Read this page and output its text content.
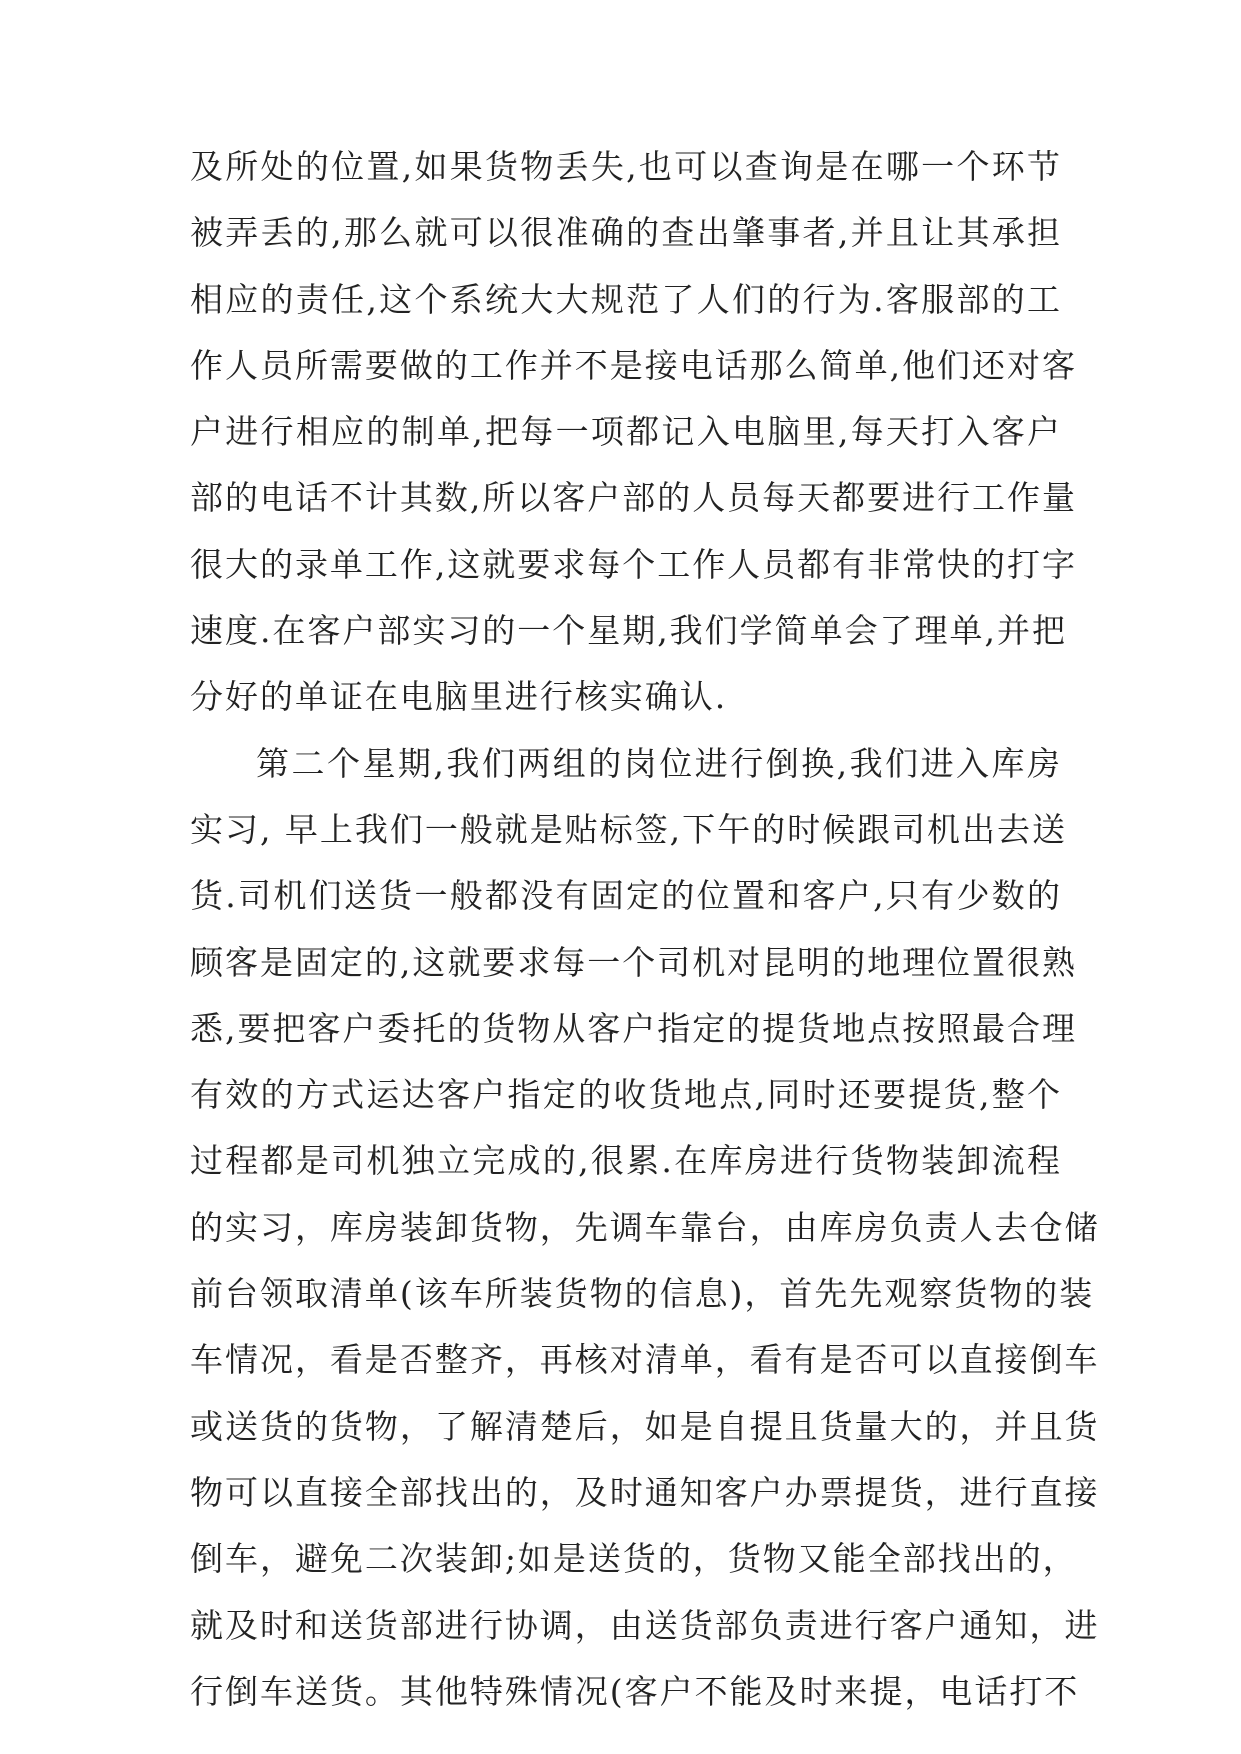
及所处的位置,如果货物丢失,也可以查询是在哪一个环节
被弄丢的,那么就可以很准确的查出肇事者,并且让其承担
相应的责任,这个系统大大规范了人们的行为.客服部的工
作人员所需要做的工作并不是接电话那么简单,他们还对客
户进行相应的制单,把每一项都记入电脑里,每天打入客户
部的电话不计其数,所以客户部的人员每天都要进行工作量
很大的录单工作,这就要求每个工作人员都有非常快的打字
速度.在客户部实习的一个星期,我们学简单会了理单,并把
分好的单证在电脑里进行核实确认.
第二个星期,我们两组的岗位进行倒换,我们进入库房
实习, 早上我们一般就是贴标签,下午的时候跟司机出去送
货.司机们送货一般都没有固定的位置和客户,只有少数的
顾客是固定的,这就要求每一个司机对昆明的地理位置很熟
悉,要把客户委托的货物从客户指定的提货地点按照最合理
有效的方式运达客户指定的收货地点,同时还要提货,整个
过程都是司机独立完成的,很累.在库房进行货物装卸流程
的实习，库房装卸货物，先调车靠台，由库房负责人去仓储
前台领取清单(该车所装货物的信息)，首先先观察货物的装
车情况，看是否整齐，再核对清单，看有是否可以直接倒车
或送货的货物，了解清楚后，如是自提且货量大的，并且货
物可以直接全部找出的，及时通知客户办票提货，进行直接
倒车，避免二次装卸;如是送货的，货物又能全部找出的，
就及时和送货部进行协调，由送货部负责进行客户通知，进
行倒车送货。其他特殊情况(客户不能及时来提，电话打不
